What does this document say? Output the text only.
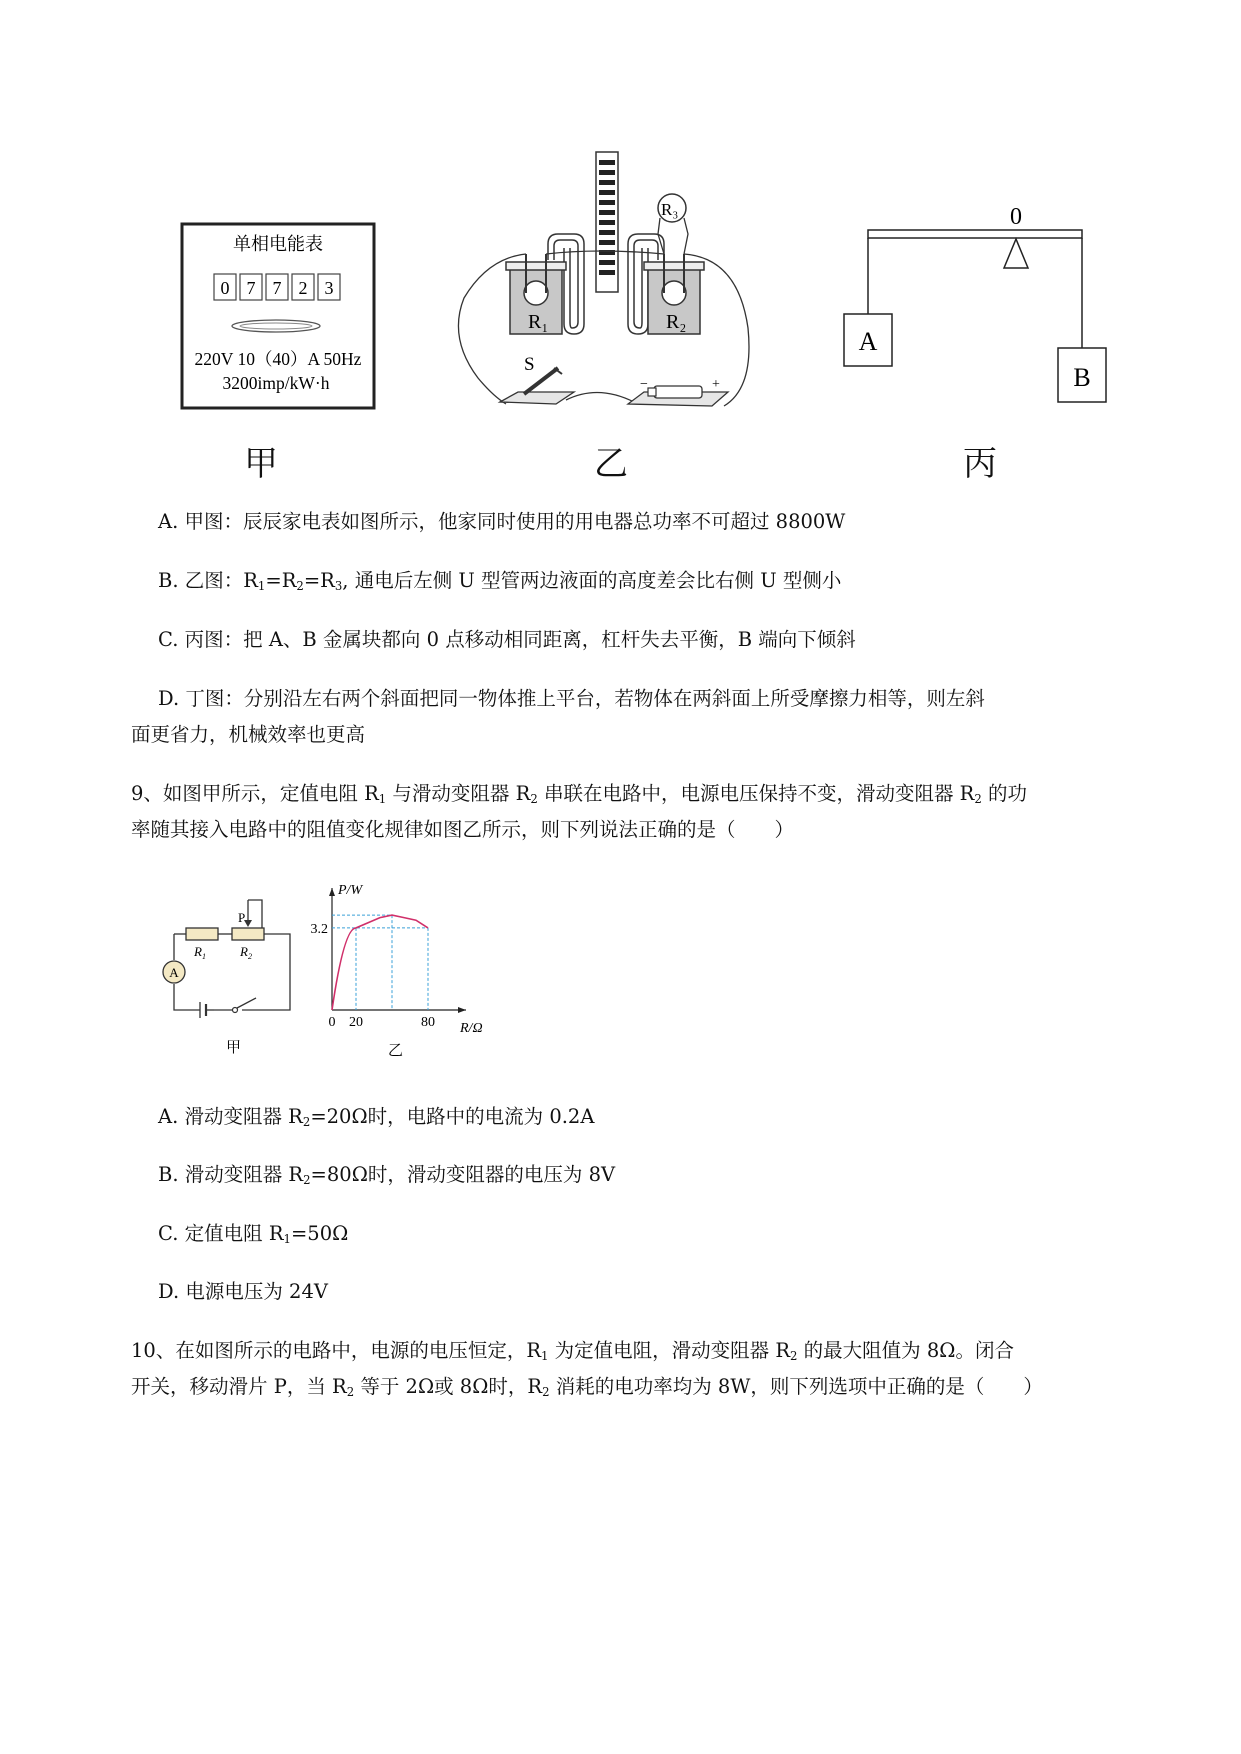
单相电能表
0 7 7 2 3
220V 10（40）A 50Hz
3200imp/kW·h
甲
R₁	R₂
R₃
S
−	+
乙
0
A
B
丙
A. 甲图：辰辰家电表如图所示，他家同时使用的用电器总功率不可超过 8800W
B. 乙图：$R_1=R_2=R_3$, 通电后左侧 U 型管两边液面的高度差会比右侧 U 型侧小
C. 丙图：把 A、B 金属块都向 0 点移动相同距离，杠杆失去平衡，B 端向下倾斜
D. 丁图：分别沿左右两个斜面把同一物体推上平台，若物体在两斜面上所受摩擦力相等，则左斜
面更省力，机械效率也更高
9、如图甲所示，定值电阻 $R_1$ 与滑动变阻器 $R_2$ 串联在电路中，电源电压保持不变，滑动变阻器 $R_2$ 的功
率随其接入电路中的阻值变化规律如图乙所示，则下列说法正确的是（　　）
P
$R_1$	$R_2$
A
甲
0 20	80
3.2
P/W
R/Ω
乙
A. 滑动变阻器 $R_2=20\Omega$时，电路中的电流为 0.2A
B. 滑动变阻器 $R_2=80\Omega$时，滑动变阻器的电压为 8V
C. 定值电阻 $R_1=50\Omega$
D. 电源电压为 24V
10、在如图所示的电路中，电源的电压恒定，$R_1$ 为定值电阻，滑动变阻器 $R_2$ 的最大阻值为 8Ω。闭合
开关，移动滑片 P，当 $R_2$ 等于 2Ω或 8Ω时，$R_2$ 消耗的电功率均为 8W，则下列选项中正确的是（　　）
